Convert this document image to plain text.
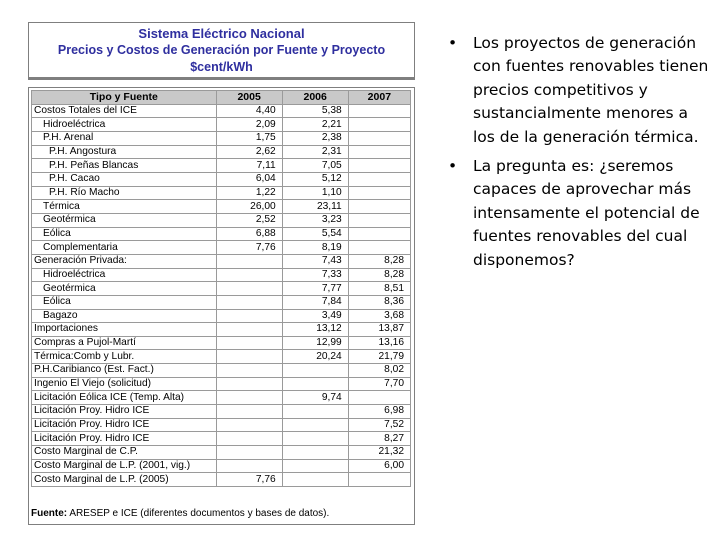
Sistema Eléctrico Nacional
Precios y Costos de Generación por Fuente y Proyecto
$cent/kWh
Tipo y Fuente	2005	2006	2007
Costos Totales del ICE	4,40	5,38	
Hidroeléctrica	2,09	2,21	
P.H. Arenal	1,75	2,38	
P.H. Angostura	2,62	2,31	
P.H. Peñas Blancas	7,11	7,05	
P.H. Cacao	6,04	5,12	
P.H. Río Macho	1,22	1,10	
Térmica	26,00	23,11	
Geotérmica	2,52	3,23	
Eólica	6,88	5,54	
Complementaria	7,76	8,19	
Generación Privada:		7,43	8,28
Hidroeléctrica		7,33	8,28
Geotérmica		7,77	8,51
Eólica		7,84	8,36
Bagazo		3,49	3,68
Importaciones		13,12	13,87
Compras a Pujol-Martí		12,99	13,16
Térmica:Comb y Lubr.		20,24	21,79
P.H.Caribianco (Est. Fact.)			8,02
Ingenio El Viejo (solicitud)			7,70
Licitación Eólica ICE (Temp. Alta)		9,74	
Licitación Proy. Hidro ICE			6,98
Licitación Proy. Hidro ICE			7,52
Licitación Proy. Hidro ICE			8,27
Costo Marginal de C.P.			21,32
Costo Marginal de L.P. (2001, vig.)			6,00
Costo Marginal de L.P. (2005)	7,76		
Fuente: ARESEP e ICE (diferentes documentos y bases de datos).
• Los proyectos de generación con fuentes renovables tienen precios competitivos y sustancialmente menores a los de la generación térmica.
• La pregunta es: ¿seremos capaces de aprovechar más intensamente el potencial de fuentes renovables del cual disponemos?
